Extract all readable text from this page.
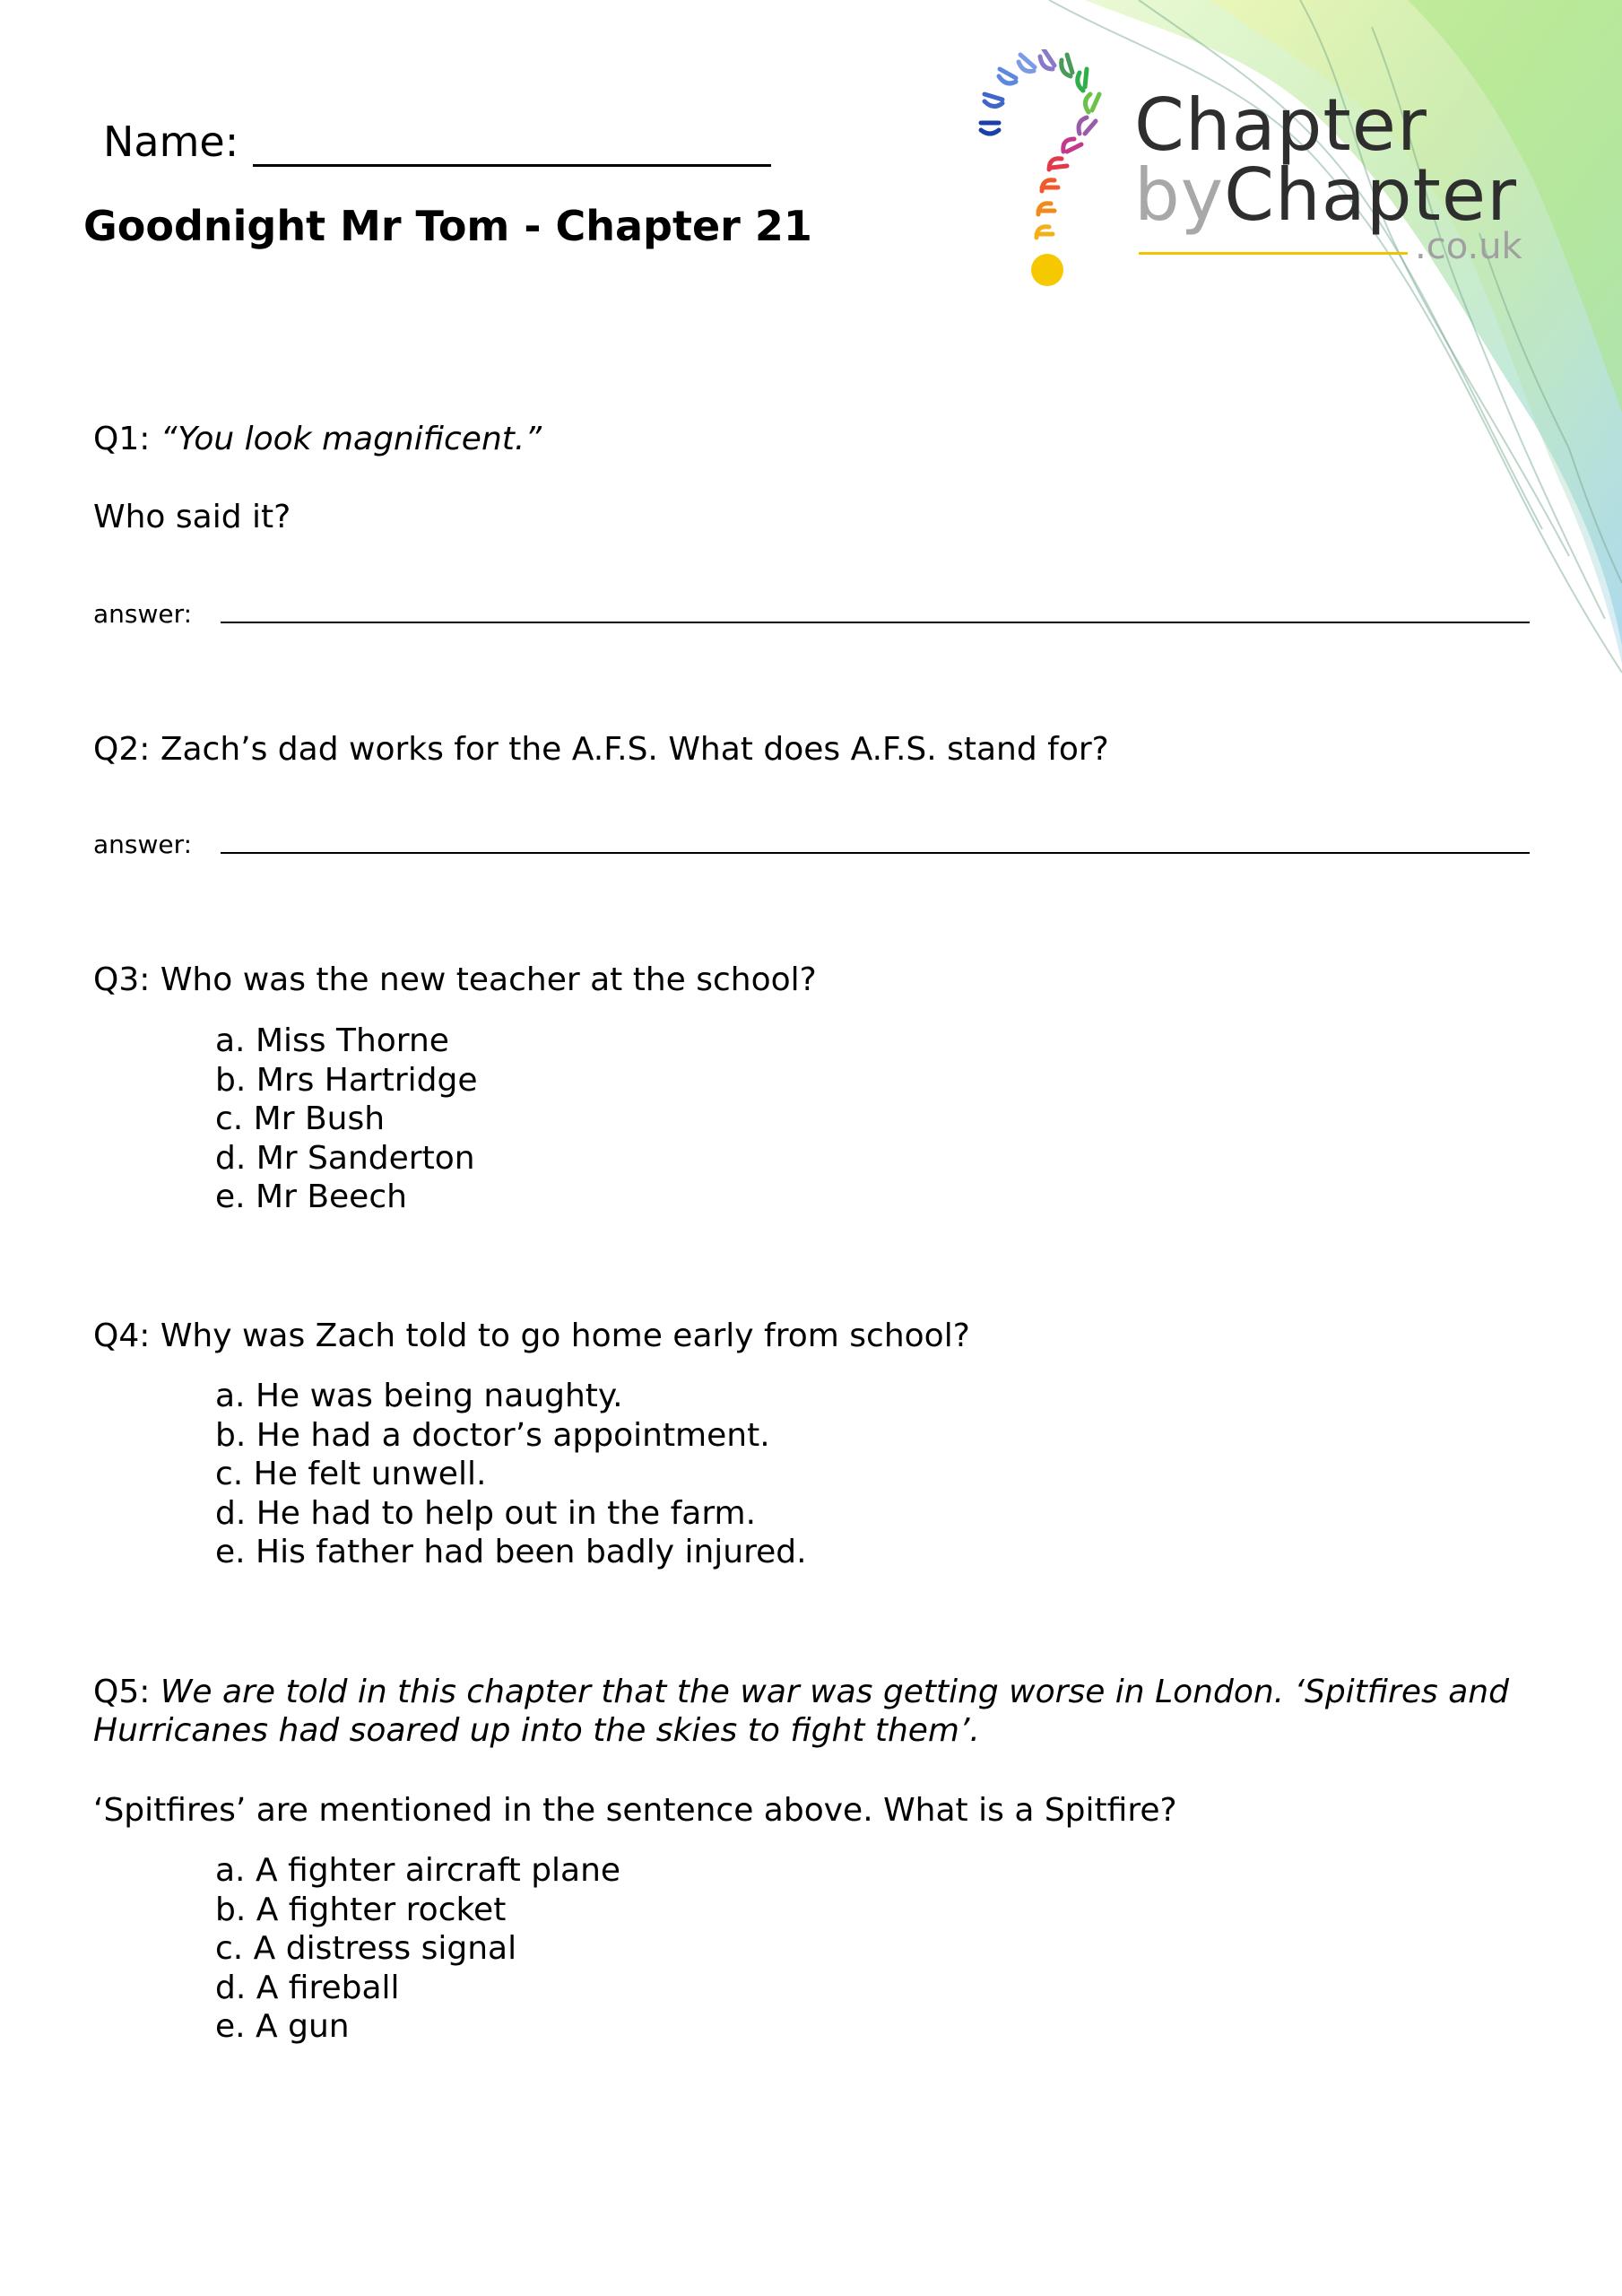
Chapter
byChapter
.co.uk
Name:
Goodnight Mr Tom - Chapter 21
Q1: “You look magnificent.”
Who said it?
answer:
Q2: Zach’s dad works for the A.F.S. What does A.F.S. stand for?
answer:
Q3: Who was the new teacher at the school?
a. Miss Thorne
b. Mrs Hartridge
c. Mr Bush
d. Mr Sanderton
e. Mr Beech
Q4: Why was Zach told to go home early from school?
a. He was being naughty.
b. He had a doctor’s appointment.
c. He felt unwell.
d. He had to help out in the farm.
e. His father had been badly injured.
Q5: We are told in this chapter that the war was getting worse in London. ‘Spitfires and
Hurricanes had soared up into the skies to fight them’.
‘Spitfires’ are mentioned in the sentence above. What is a Spitfire?
a. A fighter aircraft plane
b. A fighter rocket
c. A distress signal
d. A fireball
e. A gun
